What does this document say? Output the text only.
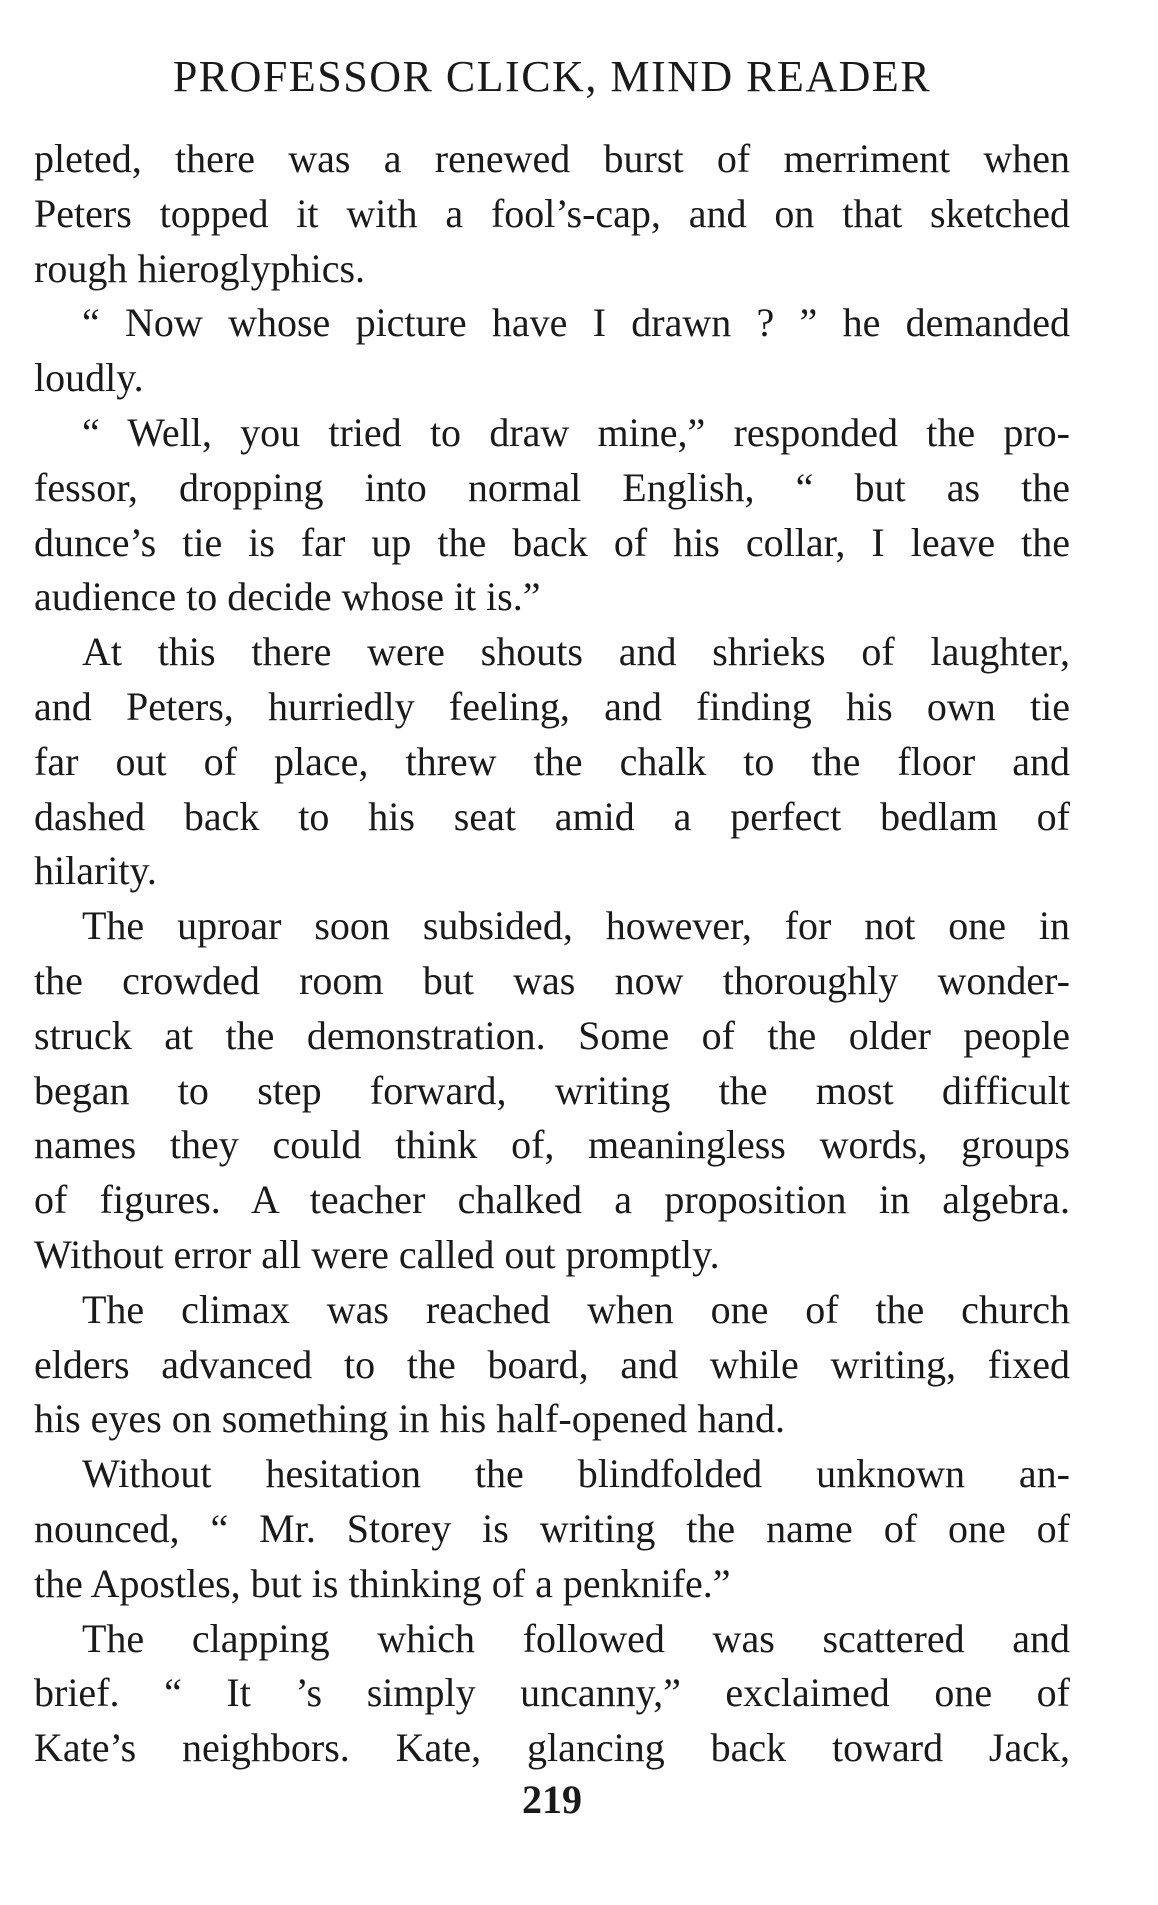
PROFESSOR CLICK, MIND READER
pleted, there was a renewed burst of merriment when
Peters topped it with a fool’s-cap, and on that sketched
rough hieroglyphics.
“ Now whose picture have I drawn ? ” he demanded
loudly.
“ Well, you tried to draw mine,” responded the pro-
fessor, dropping into normal English, “ but as the
dunce’s tie is far up the back of his collar, I leave the
audience to decide whose it is.”
At this there were shouts and shrieks of laughter,
and Peters, hurriedly feeling, and finding his own tie
far out of place, threw the chalk to the floor and
dashed back to his seat amid a perfect bedlam of
hilarity.
The uproar soon subsided, however, for not one in
the crowded room but was now thoroughly wonder-
struck at the demonstration. Some of the older people
began to step forward, writing the most difficult
names they could think of, meaningless words, groups
of figures. A teacher chalked a proposition in algebra.
Without error all were called out promptly.
The climax was reached when one of the church
elders advanced to the board, and while writing, fixed
his eyes on something in his half-opened hand.
Without hesitation the blindfolded unknown an-
nounced, “ Mr. Storey is writing the name of one of
the Apostles, but is thinking of a penknife.”
The clapping which followed was scattered and
brief. “ It ’s simply uncanny,” exclaimed one of
Kate’s neighbors. Kate, glancing back toward Jack,
219
